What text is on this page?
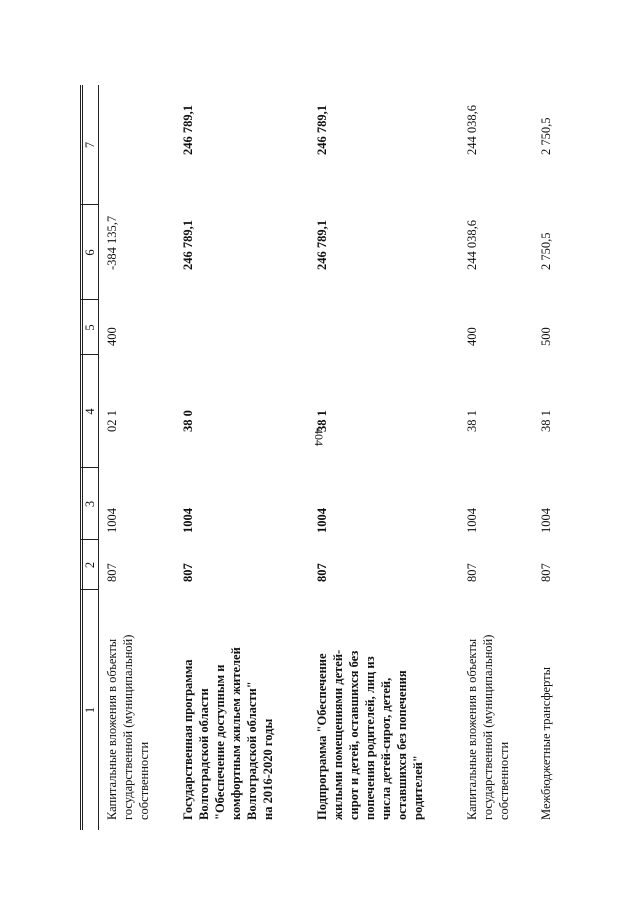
404
1
2
3
4
5
6
7
Капитальные вложения в объекты государственной (муниципальной) собственности
807
1004
02 1
400
-384 135,7
Государственная программа Волгоградской области "Обеспечение доступным и комфортным жильем жителей Волгоградской области" на 2016-2020 годы
807
1004
38 0
246 789,1
246 789,1
Подпрограмма "Обеспечение жилыми помещениями детей- сирот и детей, оставшихся без попечения родителей, лиц из числа детей-сирот, детей, оставшихся без попечения родителей"
807
1004
38 1
246 789,1
246 789,1
Капитальные вложения в объекты государственной (муниципальной) собственности
807
1004
38 1
400
244 038,6
244 038,6
Межбюджетные трансферты
807
1004
38 1
500
2 750,5
2 750,5
